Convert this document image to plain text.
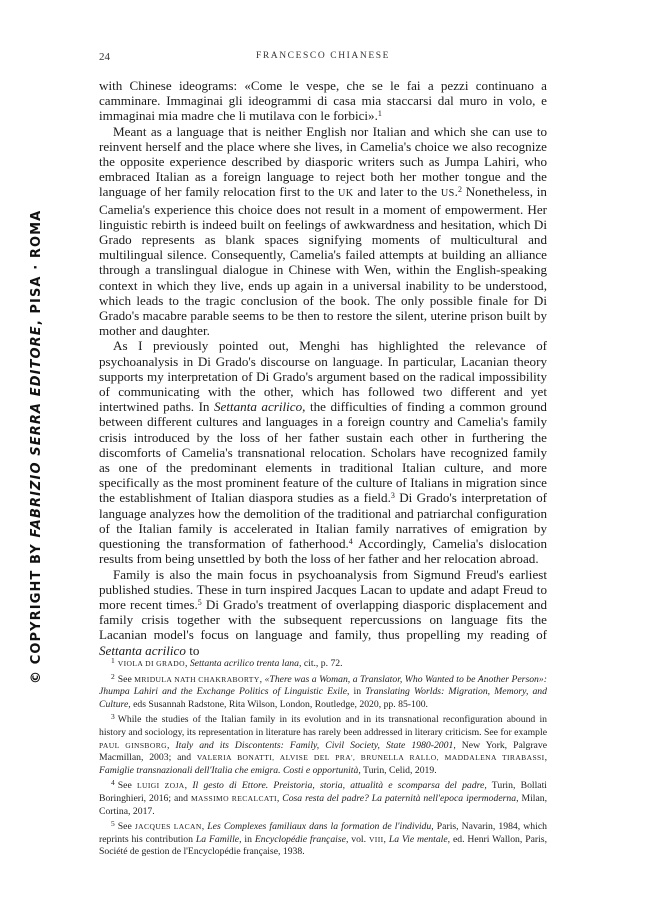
24	FRANCESCO CHIANESE
© COPYRIGHT BY FABRIZIO SERRA EDITORE, PISA · ROMA

with Chinese ideograms: «Come le vespe, che se le fai a pezzi continuano a camminare. Immaginai gli ideogrammi di casa mia staccarsi dal muro in volo, e immaginai mia madre che li mutilava con le forbici».$^1$

Meant as a language that is neither English nor Italian and which she can use to reinvent herself and the place where she lives, in Camelia's choice we also recognize the opposite experience described by diasporic writers such as Jumpa Lahiri, who embraced Italian as a foreign language to reject both her mother tongue and the language of her family relocation first to the UK and later to the US.$^2$ Nonetheless, in Camelia's experience this choice does not result in a moment of empowerment. Her linguistic rebirth is indeed built on feelings of awkwardness and hesitation, which Di Grado represents as blank spaces signifying moments of multicultural and multilingual silence. Consequently, Camelia's failed attempts at building an alliance through a translingual dialogue in Chinese with Wen, within the English-speaking context in which they live, ends up again in a universal inability to be understood, which leads to the tragic conclusion of the book. The only possible finale for Di Grado's macabre parable seems to be then to restore the silent, uterine prison built by mother and daughter.

As I previously pointed out, Menghi has highlighted the relevance of psychoanalysis in Di Grado's discourse on language. In particular, Lacanian theory supports my interpretation of Di Grado's argument based on the radical impossibility of communicating with the other, which has followed two different and yet intertwined paths. In Settanta acrilico, the difficulties of finding a common ground between different cultures and languages in a foreign country and Camelia's family crisis introduced by the loss of her father sustain each other in furthering the discomforts of Camelia's transnational relocation. Scholars have recognized family as one of the predominant elements in traditional Italian culture, and more specifically as the most prominent feature of the culture of Italians in migration since the establishment of Italian diaspora studies as a field.$^3$ Di Grado's interpretation of language analyzes how the demolition of the traditional and patriarchal configuration of the Italian family is accelerated in Italian family narratives of emigration by questioning the transformation of fatherhood.$^4$ Accordingly, Camelia's dislocation results from being unsettled by both the loss of her father and her relocation abroad.

Family is also the main focus in psychoanalysis from Sigmund Freud's earliest published studies. These in turn inspired Jacques Lacan to update and adapt Freud to more recent times.$^5$ Di Grado's treatment of overlapping diasporic displacement and family crisis together with the subsequent repercussions on language fits the Lacanian model's focus on language and family, thus propelling my reading of Settanta acrilico to

$^1$ VIOLA DI GRADO, Settanta acrilico trenta lana, cit., p. 72.

$^2$ See MRIDULA NATH CHAKRABORTY, «There was a Woman, a Translator, Who Wanted to be Another Person»: Jhumpa Lahiri and the Exchange Politics of Linguistic Exile, in Translating Worlds: Migration, Memory, and Culture, eds Susannah Radstone, Rita Wilson, London, Routledge, 2020, pp. 85-100.

$^3$ While the studies of the Italian family in its evolution and in its transnational reconfiguration abound in history and sociology, its representation in literature has rarely been addressed in literary criticism. See for example PAUL GINSBORG, Italy and its Discontents: Family, Civil Society, State 1980-2001, New York, Palgrave Macmillan, 2003; and VALERIA BONATTI, ALVISE DEL PRA', BRUNELLA RALLO, MADDALENA TIRABASSI, Famiglie transnazionali dell'Italia che emigra. Costi e opportunità, Turin, Celid, 2019.

$^4$ See LUIGI ZOJA, Il gesto di Ettore. Preistoria, storia, attualità e scomparsa del padre, Turin, Bollati Boringhieri, 2016; and MASSIMO RECALCATI, Cosa resta del padre? La paternità nell'epoca ipermoderna, Milan, Cortina, 2017.

$^5$ See JACQUES LACAN, Les Complexes familiaux dans la formation de l'individu, Paris, Navarin, 1984, which reprints his contribution La Famille, in Encyclopédie française, vol. VIII, La Vie mentale, ed. Henri Wallon, Paris, Société de gestion de l'Encyclopédie française, 1938.
